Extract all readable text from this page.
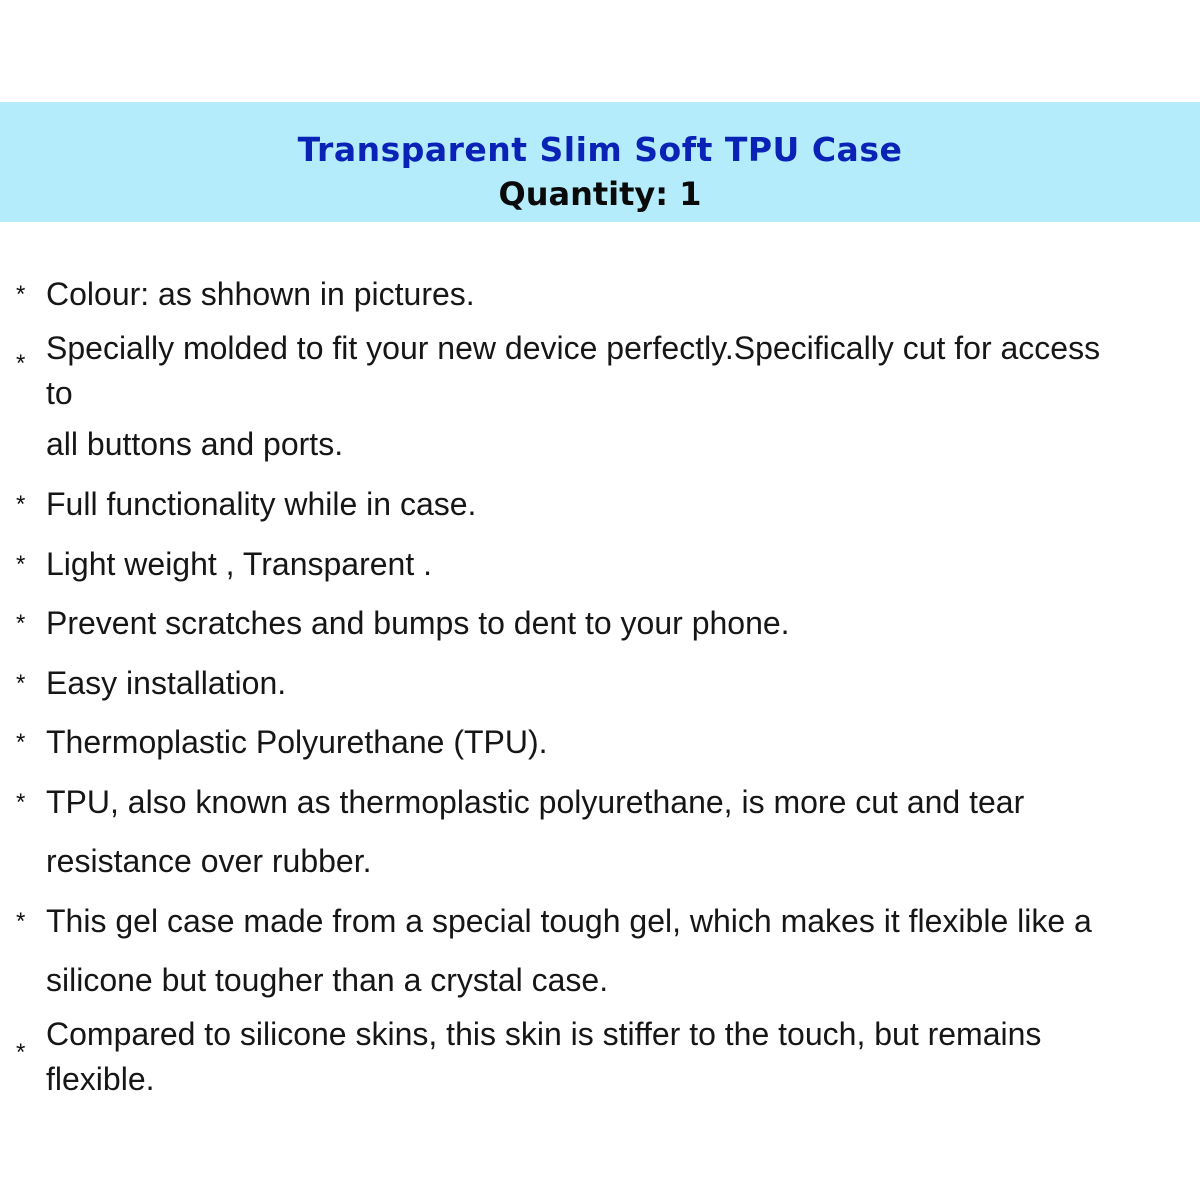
Transparent Slim Soft TPU Case
Quantity: 1
* Colour: as shhown in pictures.
* Specially molded to fit your new device perfectly.Specifically cut for access
to
all buttons and ports.
* Full functionality while in case.
* Light weight , Transparent .
* Prevent scratches and bumps to dent to your phone.
* Easy installation.
* Thermoplastic Polyurethane (TPU).
* TPU, also known as thermoplastic polyurethane, is more cut and tear
resistance over rubber.
* This gel case made from a special tough gel, which makes it flexible like a
silicone but tougher than a crystal case.
*
Compared to silicone skins, this skin is stiffer to the touch, but remains
flexible.
